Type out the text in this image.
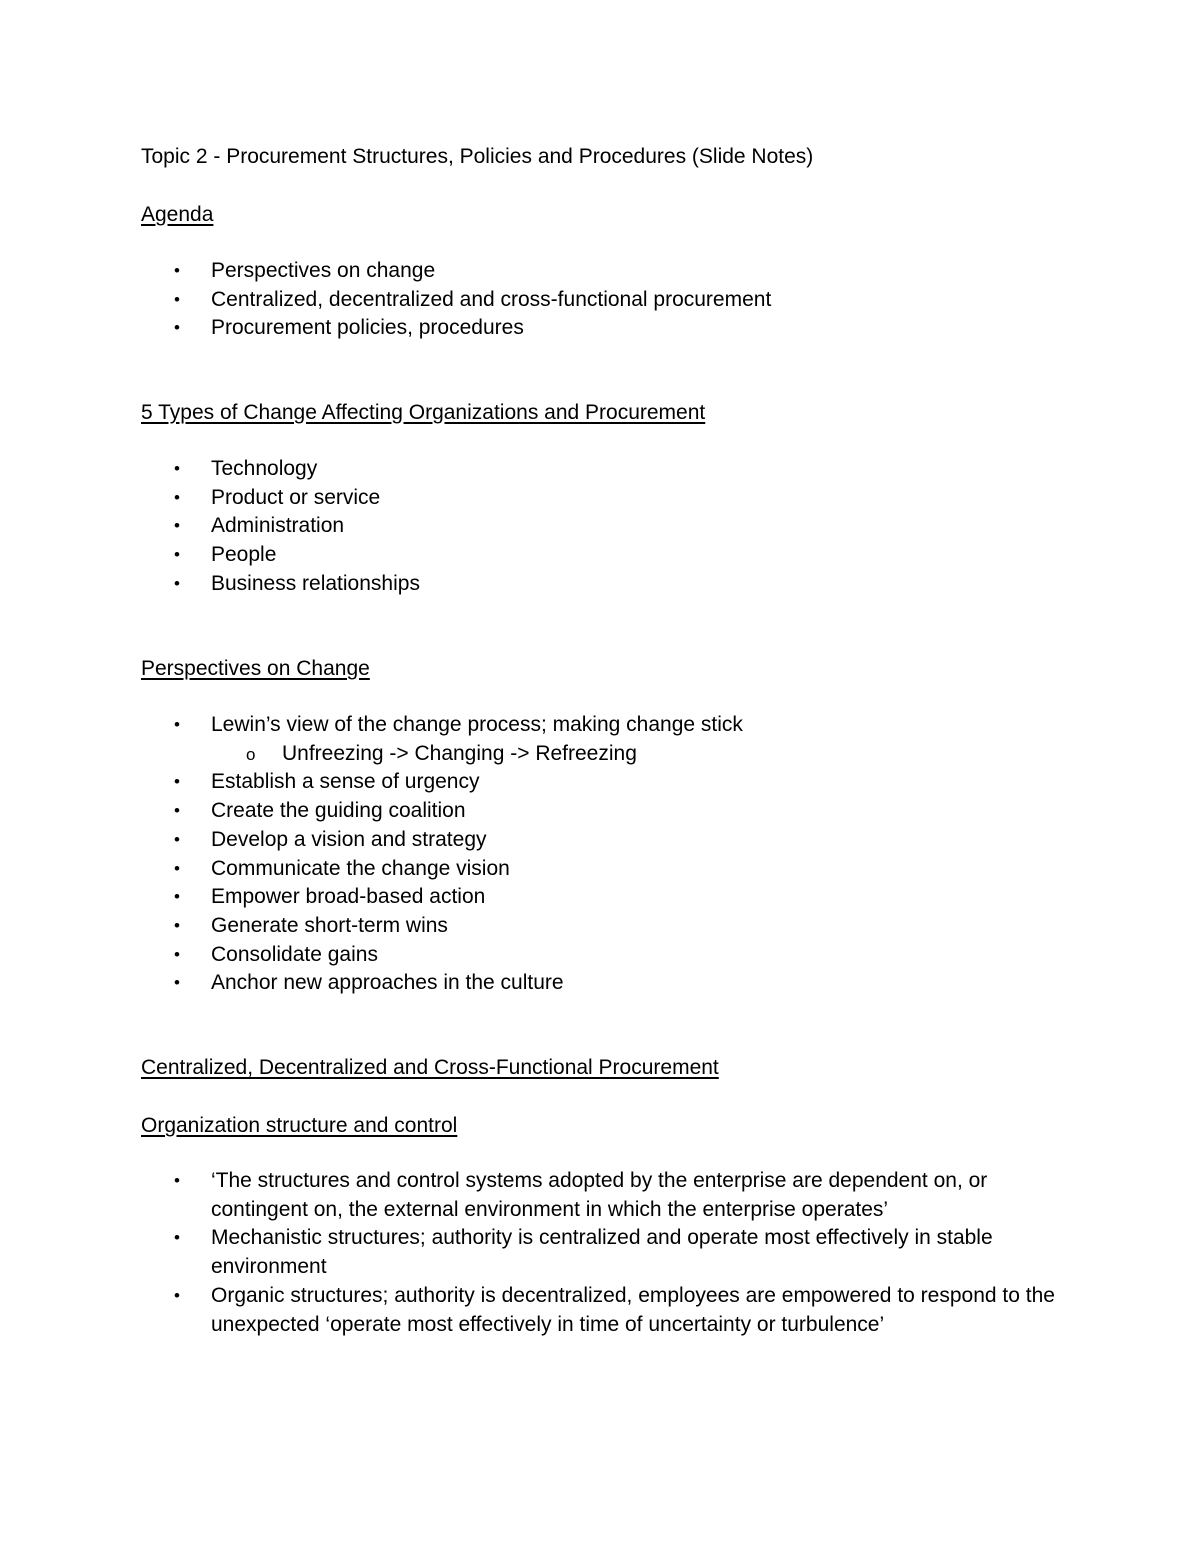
Topic 2 - Procurement Structures, Policies and Procedures (Slide Notes)
Agenda
• Perspectives on change
• Centralized, decentralized and cross-functional procurement
• Procurement policies, procedures
5 Types of Change Affecting Organizations and Procurement
• Technology
• Product or service
• Administration
• People
• Business relationships
Perspectives on Change
• Lewin’s view of the change process; making change stick
o Unfreezing -> Changing -> Refreezing
• Establish a sense of urgency
• Create the guiding coalition
• Develop a vision and strategy
• Communicate the change vision
• Empower broad-based action
• Generate short-term wins
• Consolidate gains
• Anchor new approaches in the culture
Centralized, Decentralized and Cross-Functional Procurement
Organization structure and control
• ‘The structures and control systems adopted by the enterprise are dependent on, or contingent on, the external environment in which the enterprise operates’
• Mechanistic structures; authority is centralized and operate most effectively in stable environment
• Organic structures; authority is decentralized, employees are empowered to respond to the unexpected ‘operate most effectively in time of uncertainty or turbulence’
